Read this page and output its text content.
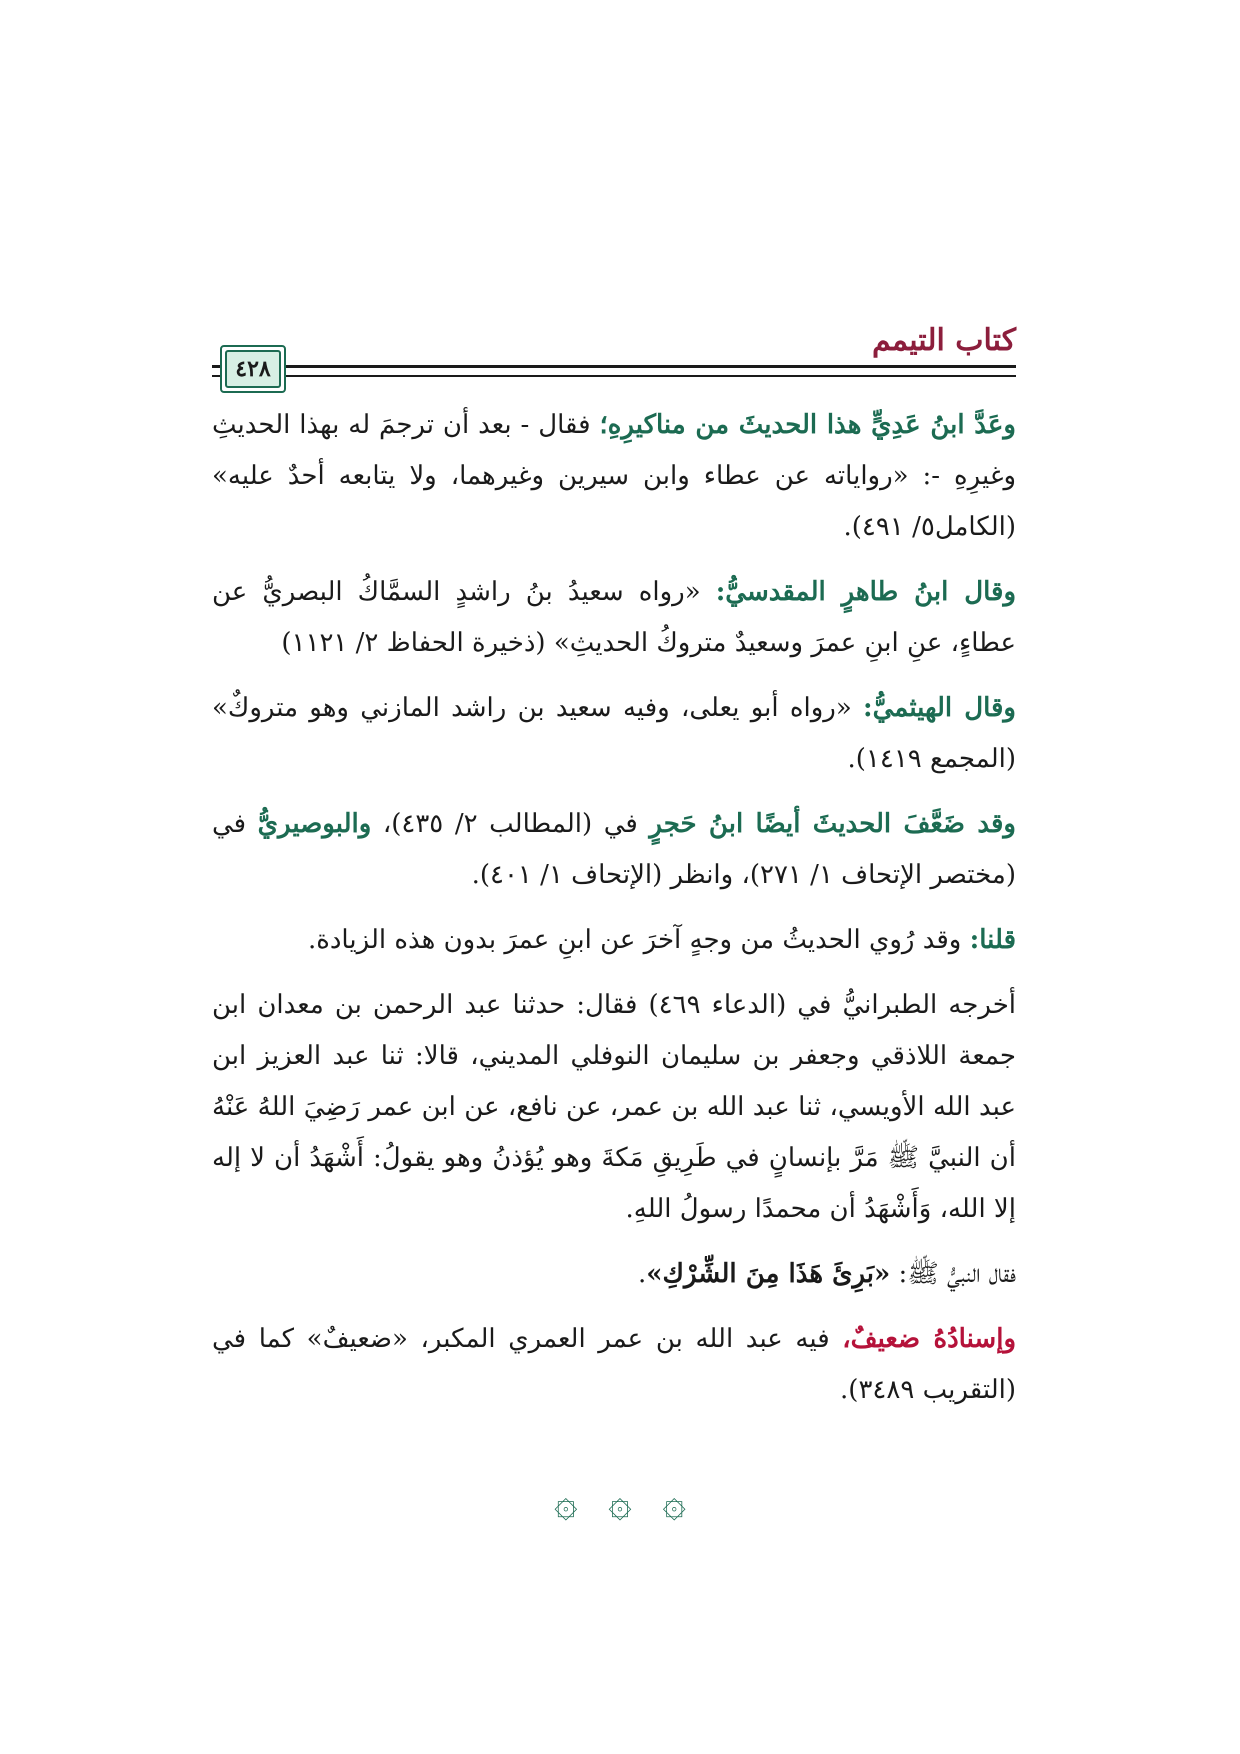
كتاب التيمم
٤٢٨

وعَدَّ ابنُ عَدِيٍّ هذا الحديثَ من مناكيرِهِ؛ فقال - بعد أن ترجمَ له بهذا الحديثِ وغيرِهِ -: «رواياته عن عطاء وابن سيرين وغيرهما، ولا يتابعه أحدٌ عليه» (الكامل٥/ ٤٩١).

وقال ابنُ طاهرٍ المقدسيُّ: «رواه سعيدُ بنُ راشدٍ السمَّاكُ البصريُّ عن عطاءٍ، عنِ ابنِ عمرَ وسعيدٌ متروكُ الحديثِ» (ذخيرة الحفاظ ٢/ ١١٢١)

وقال الهيثميُّ: «رواه أبو يعلى، وفيه سعيد بن راشد المازني وهو متروكٌ» (المجمع ١٤١٩).

وقد ضَعَّفَ الحديثَ أيضًا ابنُ حَجرٍ في (المطالب ٢/ ٤٣٥)، والبوصيريُّ في (مختصر الإتحاف ١/ ٢٧١)، وانظر (الإتحاف ١/ ٤٠١).

قلنا: وقد رُوي الحديثُ من وجهٍ آخرَ عن ابنِ عمرَ بدون هذه الزيادة.

أخرجه الطبرانيُّ في (الدعاء ٤٦٩) فقال: حدثنا عبد الرحمن بن معدان ابن جمعة اللاذقي وجعفر بن سليمان النوفلي المديني، قالا: ثنا عبد العزيز ابن عبد الله الأويسي، ثنا عبد الله بن عمر، عن نافع، عن ابن عمر رَضِيَ اللهُ عَنْهُ أن النبيَّ ﷺ مَرَّ بإنسانٍ في طَرِيقِ مَكةَ وهو يُؤذنُ وهو يقولُ: أَشْهَدُ أن لا إله إلا الله، وَأَشْهَدُ أن محمدًا رسولُ اللهِ.

فقال النبيُّ ﷺ: «بَرِئَ هَذَا مِنَ الشِّرْكِ».

وإسنادُهُ ضعيفٌ، فيه عبد الله بن عمر العمري المكبر، «ضعيفٌ» كما في (التقريب ٣٤٨٩).

۞ ۞ ۞
